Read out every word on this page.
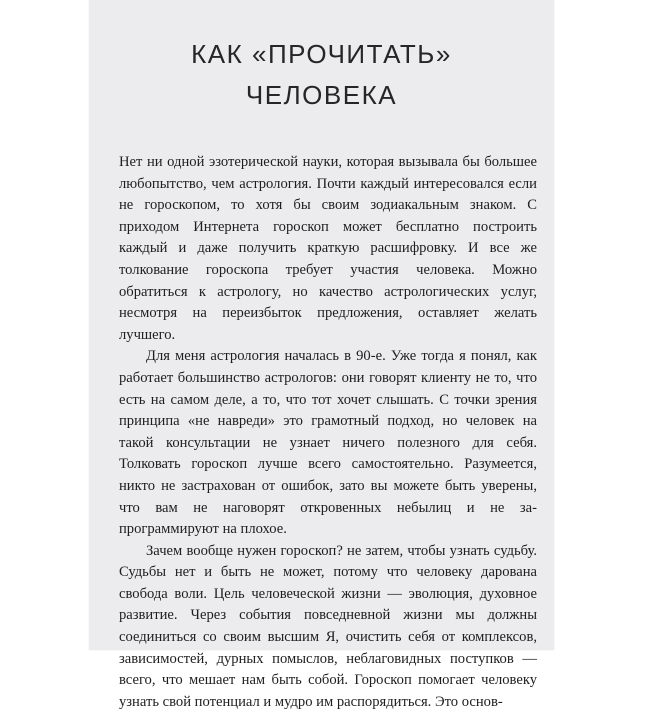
КАК «ПРОЧИТАТЬ»
ЧЕЛОВЕКА

Нет ни одной эзотерической науки, которая вызывала бы большее любопытство, чем астрология. Почти каждый интересовался если не гороскопом, то хотя бы своим зодиакальным знаком. С приходом Интернета гороскоп может бесплатно построить каждый и даже получить краткую расшифровку. И все же толкование гороскопа требует участия человека. Можно обратиться к астрологу, но качество астрологических услуг, несмотря на переизбыток предложения, оставляет желать лучшего.

Для меня астрология началась в 90-е. Уже тогда я понял, как работает большинство астрологов: они говорят клиенту не то, что есть на самом деле, а то, что тот хочет слышать. С точки зрения принципа «не навреди» это грамотный подход, но человек на такой консультации не узнает ничего полезного для себя. Толковать гороскоп лучше всего самостоятельно. Разумеется, никто не застрахован от ошибок, зато вы можете быть уверены, что вам не наговорят откровенных небылиц и не запрограммируют на плохое.

Зачем вообще нужен гороскоп? не затем, чтобы узнать судьбу. Судьбы нет и быть не может, потому что человеку дарована свобода воли. Цель человеческой жизни — эволюция, духовное развитие. Через события повседневной жизни мы должны соединиться со своим высшим Я, очистить себя от комплексов, зависимостей, дурных помыслов, неблаговидных поступков — всего, что мешает нам быть собой. Гороскоп помогает человеку узнать свой потенциал и мудро им распорядиться. Это основ-
